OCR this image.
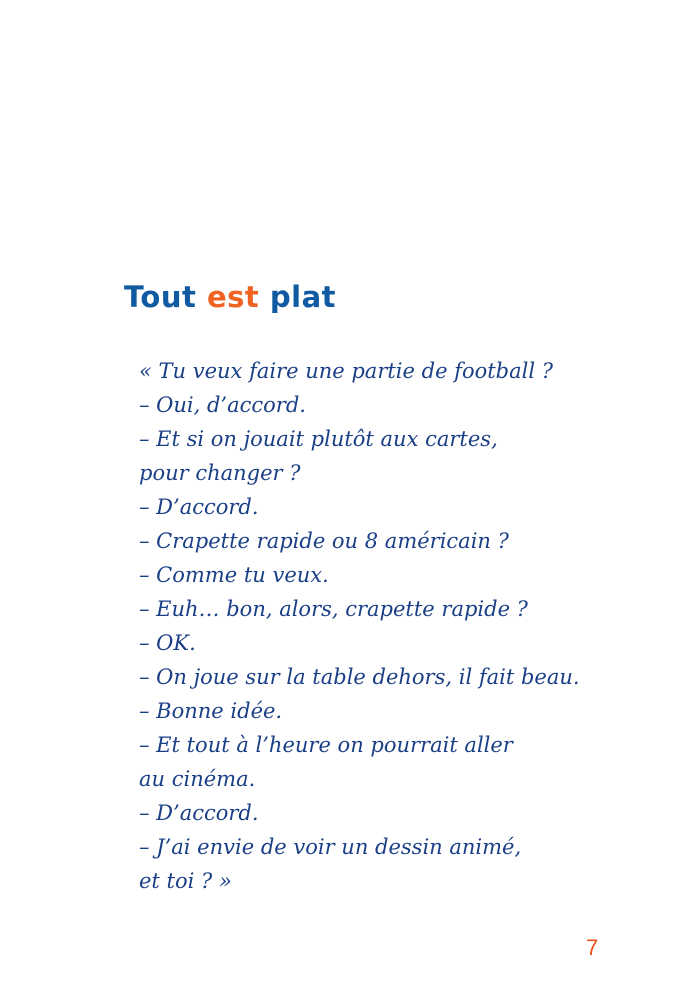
Tout est plat
« Tu veux faire une partie de football ?
– Oui, d’accord.
– Et si on jouait plutôt aux cartes,
pour changer ?
– D’accord.
– Crapette rapide ou 8 américain ?
– Comme tu veux.
– Euh… bon, alors, crapette rapide ?
– OK.
– On joue sur la table dehors, il fait beau.
– Bonne idée.
– Et tout à l’heure on pourrait aller
au cinéma.
– D’accord.
– J’ai envie de voir un dessin animé,
et toi ? »
7
